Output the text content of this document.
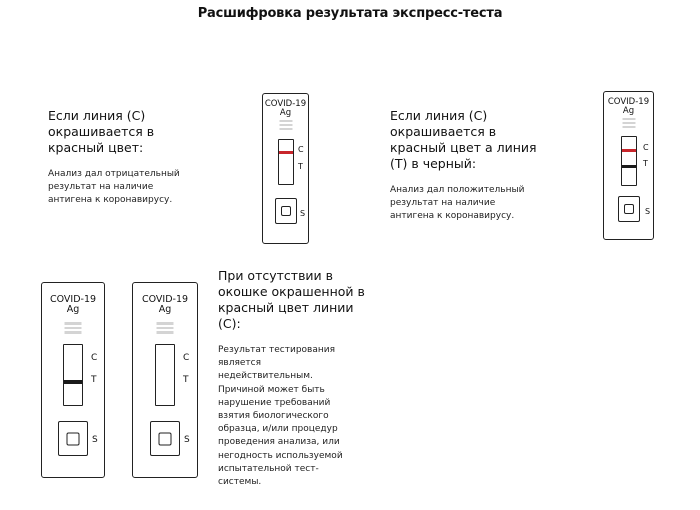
Расшифровка результата экспресс-теста
Если линия (С)
окрашивается в
красный цвет:

Анализ дал отрицательный
результат на наличие
антигена к коронавирусу.

COVID-19
Ag
C
T
S
Если линия (С)
окрашивается в
красный цвет а линия
(Т) в черный:

Анализ дал положительный
результат на наличие
антигена к коронавирусу.

COVID-19
Ag
C
T
S
COVID-19
Ag
C
T
S
COVID-19
Ag
C
T
S
При отсутствии в
окошке окрашенной в
красный цвет линии
(С):

Результат тестирования
является
недействительным.
Причиной может быть
нарушение требований
взятия биологического
образца, и/или процедур
проведения анализа, или
негодность используемой
испытательной тест-
системы.
